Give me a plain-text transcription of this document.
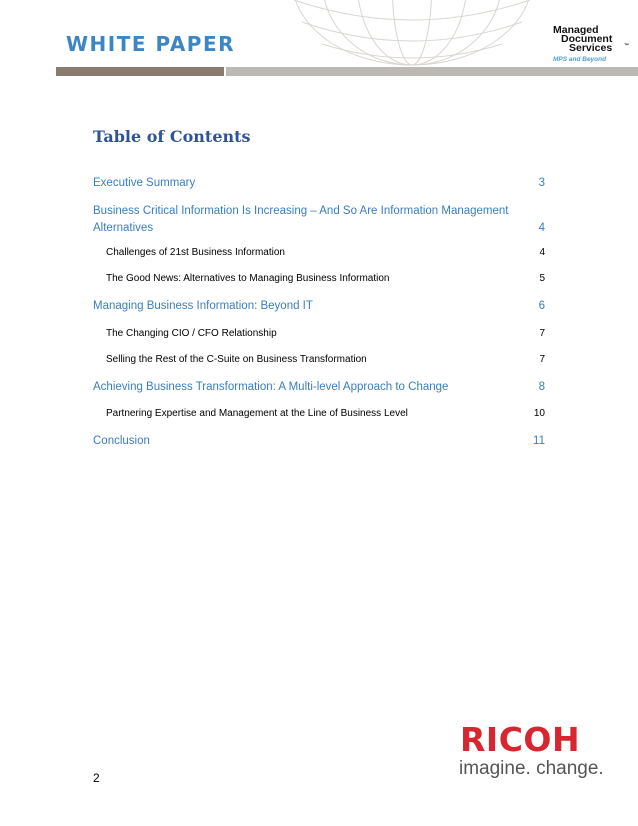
WHITE PAPER
Managed
Document
Services ™
MPS and Beyond
Table of Contents
Executive Summary	3
Business Critical Information Is Increasing – And So Are Information Management
Alternatives	4
Challenges of 21st Business Information	4
The Good News: Alternatives to Managing Business Information	5
Managing Business Information: Beyond IT	6
The Changing CIO / CFO Relationship	7
Selling the Rest of the C-Suite on Business Transformation	7
Achieving Business Transformation: A Multi-level Approach to Change	8
Partnering Expertise and Management at the Line of Business Level	10
Conclusion	11
RICOH
imagine. change.
2
